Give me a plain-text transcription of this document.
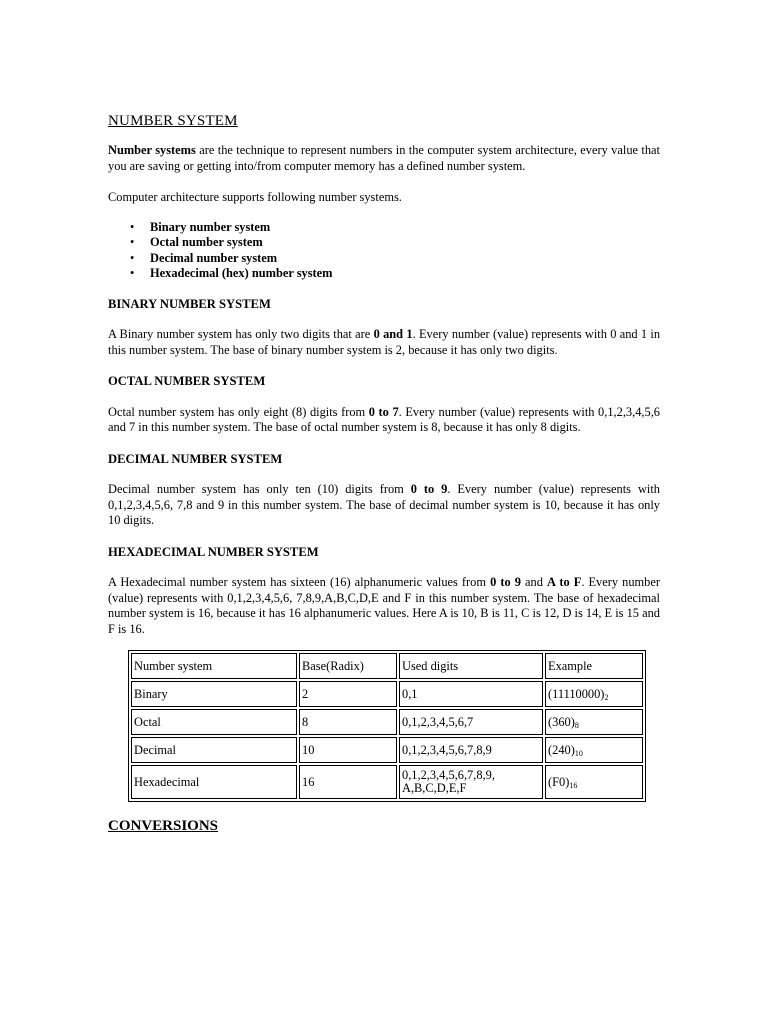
NUMBER SYSTEM

Number systems are the technique to represent numbers in the computer system architecture, every value that you are saving or getting into/from computer memory has a defined number system.

Computer architecture supports following number systems.

• Binary number system
• Octal number system
• Decimal number system
• Hexadecimal (hex) number system
BINARY NUMBER SYSTEM

A Binary number system has only two digits that are 0 and 1. Every number (value) represents with 0 and 1 in this number system. The base of binary number system is 2, because it has only two digits.

OCTAL NUMBER SYSTEM

Octal number system has only eight (8) digits from 0 to 7. Every number (value) represents with 0,1,2,3,4,5,6 and 7 in this number system. The base of octal number system is 8, because it has only 8 digits.

DECIMAL NUMBER SYSTEM

Decimal number system has only ten (10) digits from 0 to 9. Every number (value) represents with 0,1,2,3,4,5,6, 7,8 and 9 in this number system. The base of decimal number system is 10, because it has only 10 digits.

HEXADECIMAL NUMBER SYSTEM

A Hexadecimal number system has sixteen (16) alphanumeric values from 0 to 9 and A to F. Every number (value) represents with 0,1,2,3,4,5,6, 7,8,9,A,B,C,D,E and F in this number system. The base of hexadecimal number system is 16, because it has 16 alphanumeric values. Here A is 10, B is 11, C is 12, D is 14, E is 15 and F is 16.

Number system	Base(Radix)	Used digits	Example
Binary	2	0,1	$(11110000)_2$
Octal	8	0,1,2,3,4,5,6,7	$(360)_8$
Decimal	10	0,1,2,3,4,5,6,7,8,9	$(240)_{10}$
Hexadecimal	16	0,1,2,3,4,5,6,7,8,9, A,B,C,D,E,F	$(F0)_{16}$
CONVERSIONS
